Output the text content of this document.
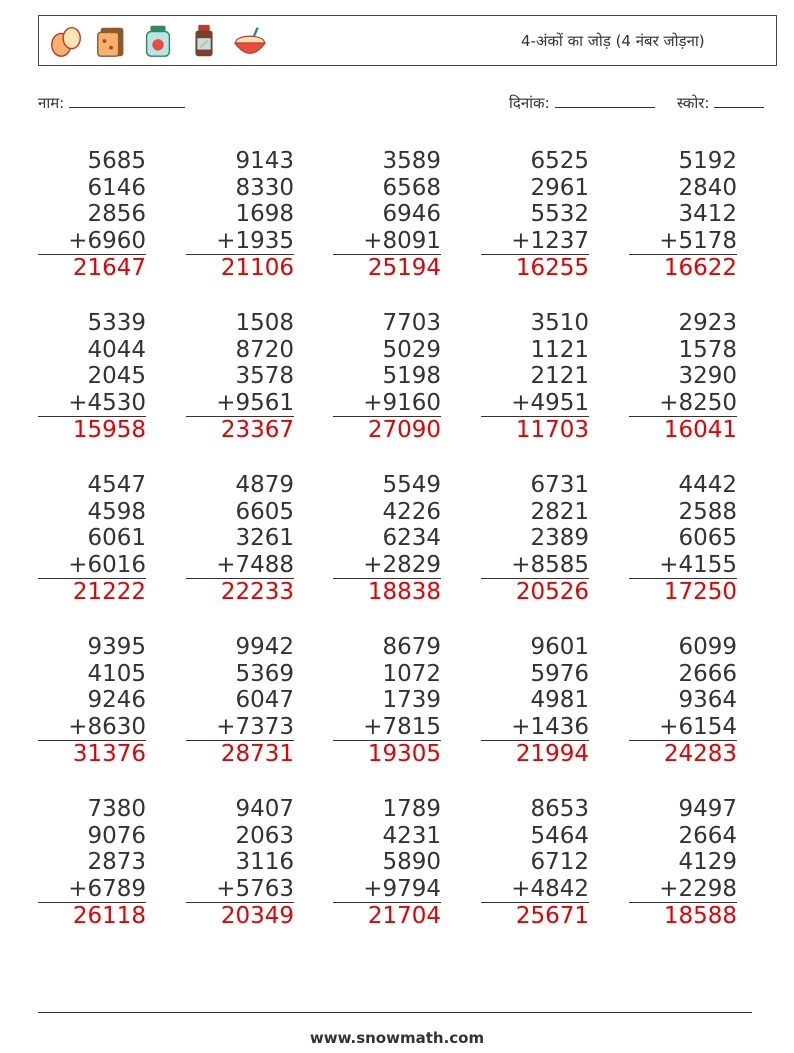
4-अंकों का जोड़ (4 नंबर जोड़ना)
नाम:	दिनांक:	स्कोर:
5685
6146
2856
+6960
21647
9143
8330
1698
+1935
21106
3589
6568
6946
+8091
25194
6525
2961
5532
+1237
16255
5192
2840
3412
+5178
16622
5339
4044
2045
+4530
15958
1508
8720
3578
+9561
23367
7703
5029
5198
+9160
27090
3510
1121
2121
+4951
11703
2923
1578
3290
+8250
16041
4547
4598
6061
+6016
21222
4879
6605
3261
+7488
22233
5549
4226
6234
+2829
18838
6731
2821
2389
+8585
20526
4442
2588
6065
+4155
17250
9395
4105
9246
+8630
31376
9942
5369
6047
+7373
28731
8679
1072
1739
+7815
19305
9601
5976
4981
+1436
21994
6099
2666
9364
+6154
24283
7380
9076
2873
+6789
26118
9407
2063
3116
+5763
20349
1789
4231
5890
+9794
21704
8653
5464
6712
+4842
25671
9497
2664
4129
+2298
18588
www.snowmath.com
